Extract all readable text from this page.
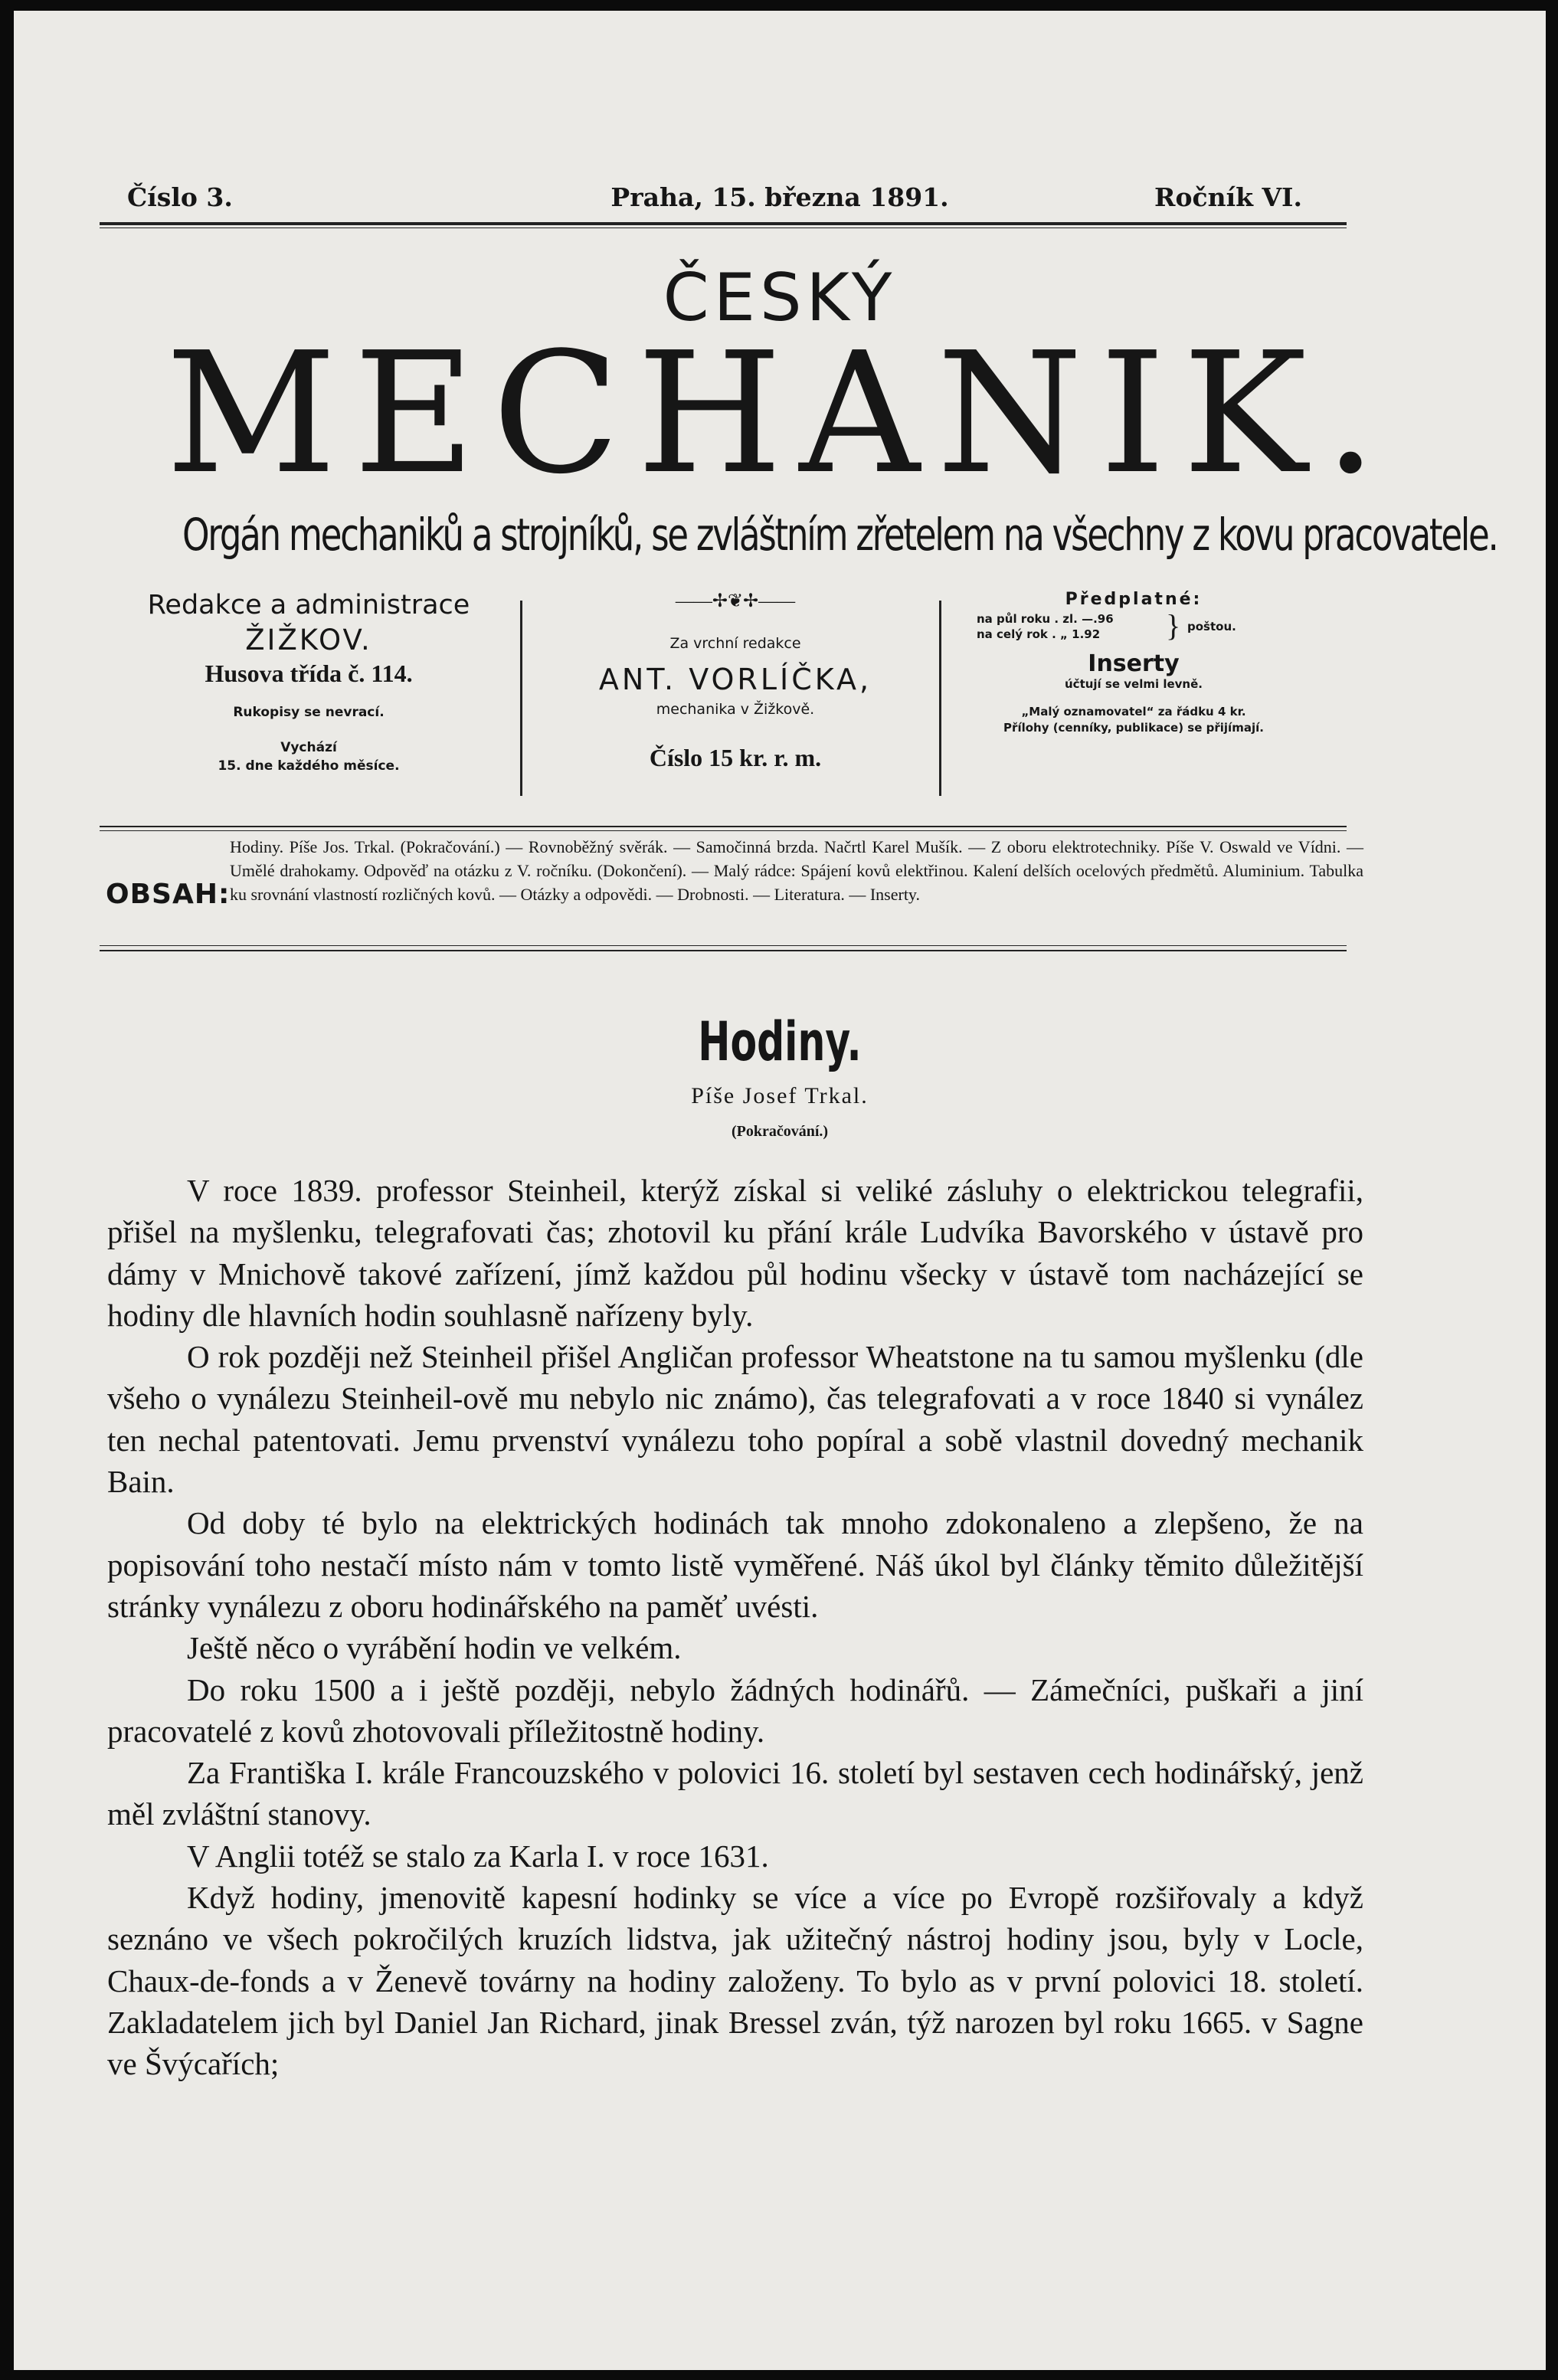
Číslo 3.	Praha, 15. března 1891.	Ročník VI.
ČESKÝ
MECHANIK.
Orgán mechaniků a strojníků, se zvláštním zřetelem na všechny z kovu pracovatele.
Redakce a administrace
ŽIŽKOV.
Husova třída č. 114.
Rukopisy se nevrací.
Vychází
15. dne každého měsíce.
——✢❦✢——
Za vrchní redakce
ANT. VORLÍČKA,
mechanika v Žižkově.
Číslo 15 kr. r. m.
Předplatné:
na půl roku . zl. —.96
na celý rok . „ 1.92 } poštou.
Inserty
účtují se velmi levně.
„Malý oznamovatel“ za řádku 4 kr.
Přílohy (cenníky, publikace) se přijímají.
OBSAH:
Hodiny. Píše Jos. Trkal. (Pokračování.) — Rovnoběžný svěrák. — Samočinná brzda. Načrtl Karel Mušík. — Z oboru elektrotechniky. Píše V. Oswald ve Vídni. — Umělé drahokamy. Odpověď na otázku z V. ročníku. (Dokončení). — Malý rádce: Spájení kovů elektřinou. Kalení delších ocelových předmětů. Aluminium. Tabulka ku srovnání vlastností rozličných kovů. — Otázky a odpovědi. — Drobnosti. — Literatura. — Inserty.
Hodiny.
Píše Josef Trkal.
(Pokračování.)

V roce 1839. professor Steinheil, kterýž získal si veliké zásluhy o elektrickou telegrafii, přišel na myšlenku, telegrafovati čas; zhotovil ku přání krále Ludvíka Bavorského v ústavě pro dámy v Mnichově takové zařízení, jímž každou půl hodinu všecky v ústavě tom nacházející se hodiny dle hlavních hodin souhlasně nařízeny byly.

O rok později než Steinheil přišel Angličan professor Wheatstone na tu samou myšlenku (dle všeho o vynálezu Steinheil-ově mu nebylo nic známo), čas telegrafovati a v roce 1840 si vynález ten nechal patentovati. Jemu prvenství vynálezu toho popíral a sobě vlastnil dovedný mechanik Bain.

Od doby té bylo na elektrických hodinách tak mnoho zdokonaleno a zlepšeno, že na popisování toho nestačí místo nám v tomto listě vyměřené. Náš úkol byl články těmito důležitější stránky vynálezu z oboru hodinářského na paměť uvésti.

Ještě něco o vyrábění hodin ve velkém.

Do roku 1500 a i ještě později, nebylo žádných hodinářů. — Zámečníci, puškaři a jiní pracovatelé z kovů zhotovovali příležitostně hodiny.

Za Františka I. krále Francouzského v polovici 16. století byl sestaven cech hodinářský, jenž měl zvláštní stanovy.

V Anglii totéž se stalo za Karla I. v roce 1631.

Když hodiny, jmenovitě kapesní hodinky se více a více po Evropě rozšiřovaly a když seznáno ve všech pokročilých kruzích lidstva, jak užitečný nástroj hodiny jsou, byly v Locle, Chaux-de-fonds a v Ženevě továrny na hodiny založeny. To bylo as v první polovici 18. století. Zakladatelem jich byl Daniel Jan Richard, jinak Bressel zván, týž narozen byl roku 1665. v Sagne ve Švýcařích;
